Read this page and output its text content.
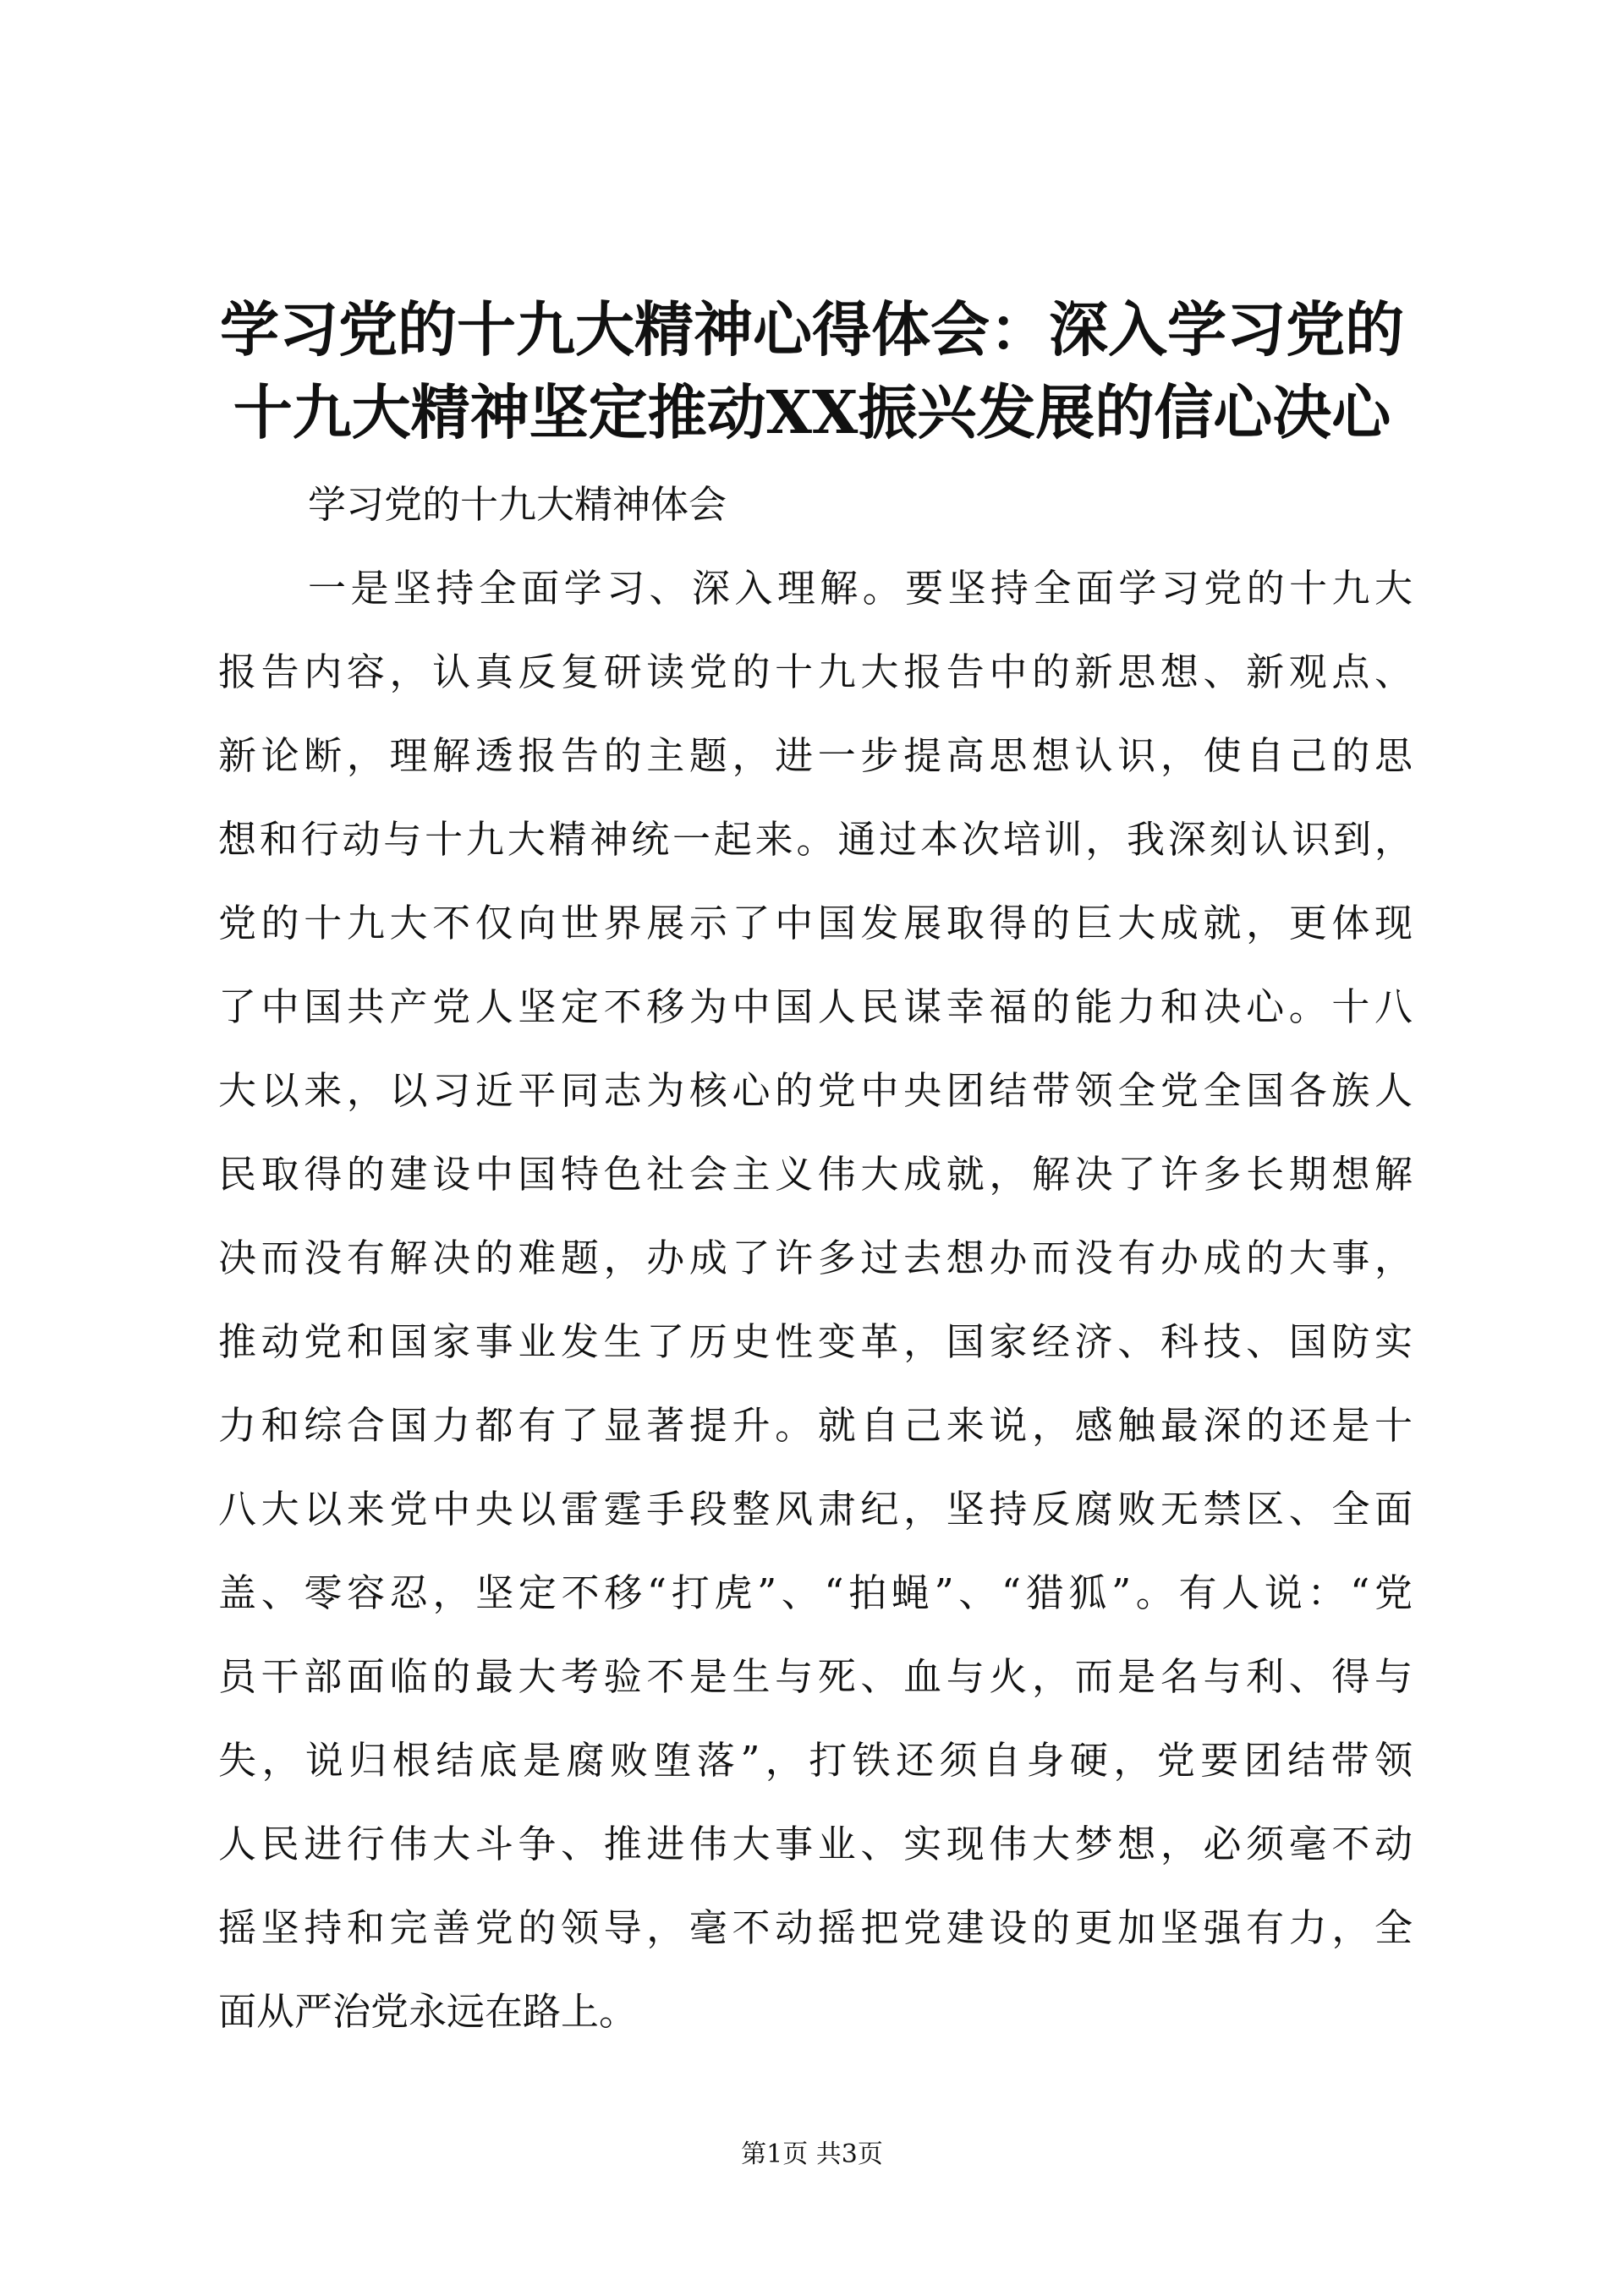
学习党的十九大精神心得体会：深入学习党的
十九大精神坚定推动XX振兴发展的信心决心
学习党的十九大精神体会
一是坚持全面学习、深入理解。要坚持全面学习党的十九大
报告内容，认真反复研读党的十九大报告中的新思想、新观点、
新论断，理解透报告的主题，进一步提高思想认识，使自己的思
想和行动与十九大精神统一起来。通过本次培训，我深刻认识到，
党的十九大不仅向世界展示了中国发展取得的巨大成就，更体现
了中国共产党人坚定不移为中国人民谋幸福的能力和决心。十八
大以来，以习近平同志为核心的党中央团结带领全党全国各族人
民取得的建设中国特色社会主义伟大成就，解决了许多长期想解
决而没有解决的难题，办成了许多过去想办而没有办成的大事，
推动党和国家事业发生了历史性变革，国家经济、科技、国防实
力和综合国力都有了显著提升。就自己来说，感触最深的还是十
八大以来党中央以雷霆手段整风肃纪，坚持反腐败无禁区、全面
盖、零容忍，坚定不移“打虎”、“拍蝇”、“猎狐”。有人说：“党
员干部面临的最大考验不是生与死、血与火，而是名与利、得与
失，说归根结底是腐败堕落”，打铁还须自身硬，党要团结带领
人民进行伟大斗争、推进伟大事业、实现伟大梦想，必须毫不动
摇坚持和完善党的领导，毫不动摇把党建设的更加坚强有力，全
面从严治党永远在路上。
第1页 共3页
